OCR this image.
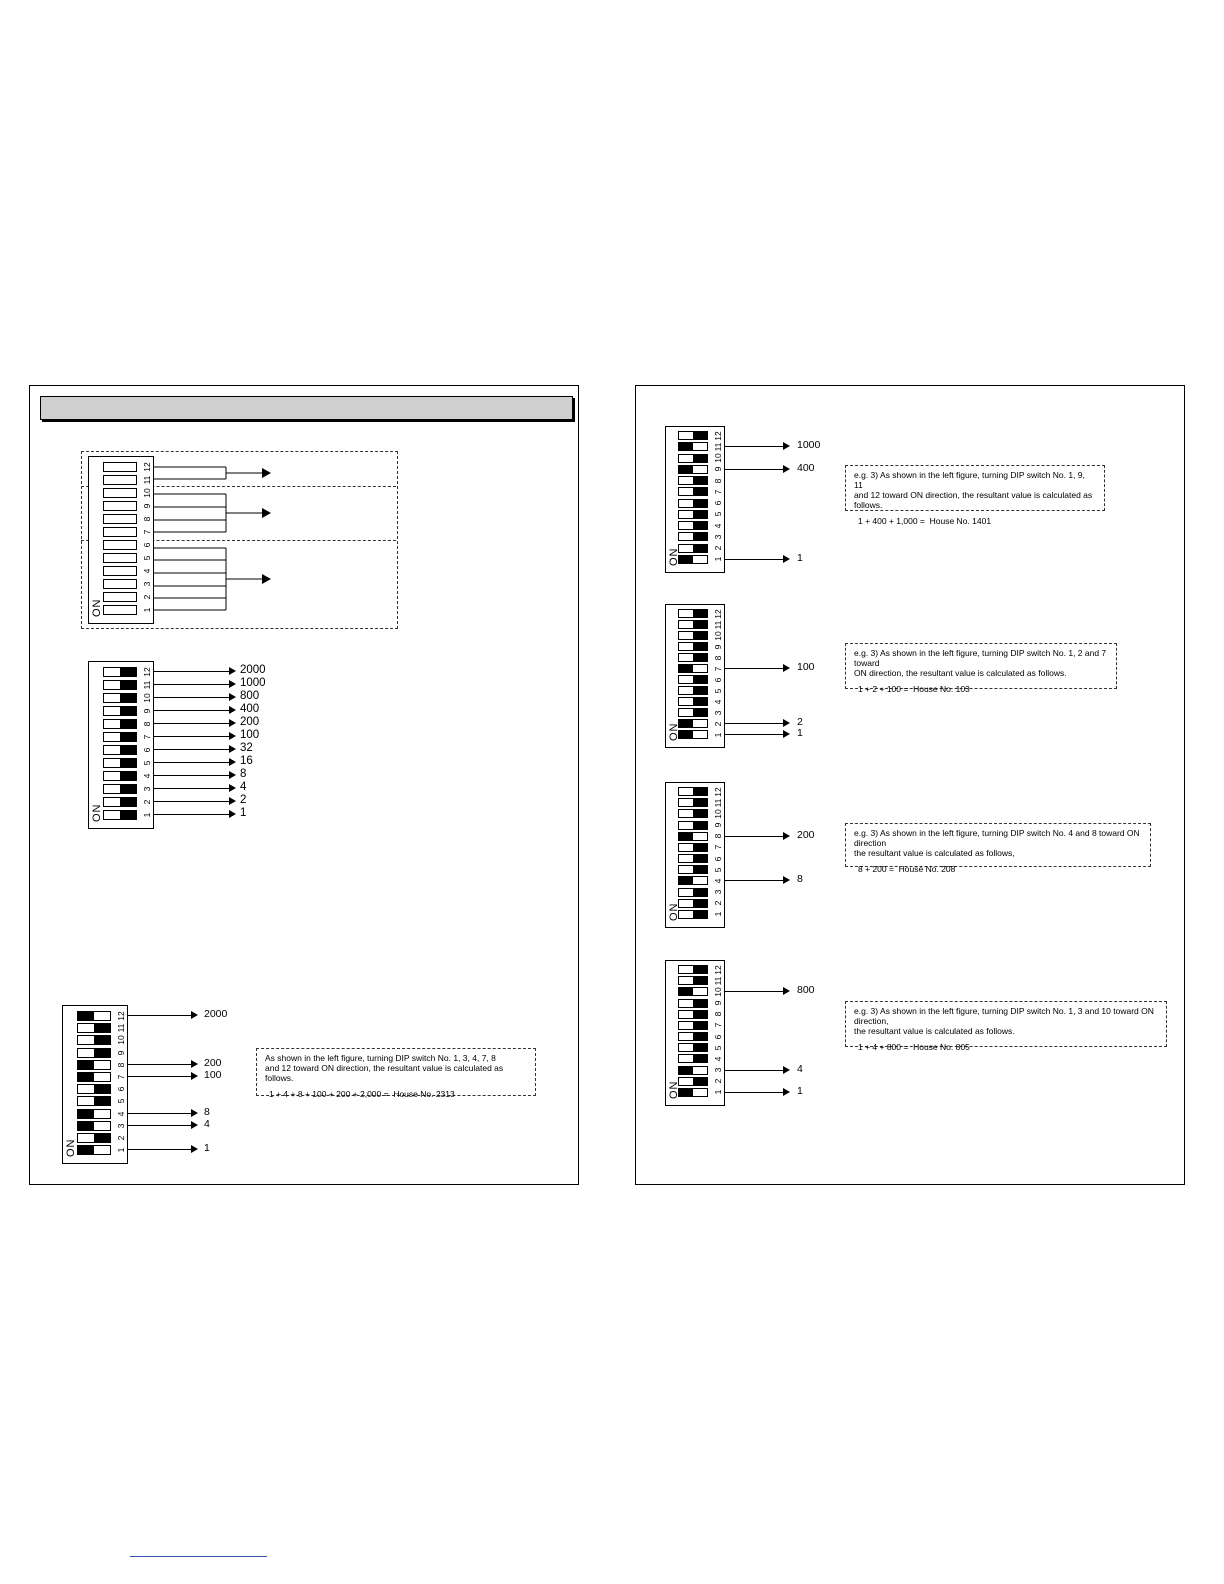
12
11
10
9
8
7
6
5
4
3
2
1
ON
12
11
10
9
8
7
6
5
4
3
2
1
ON
12
11
10
9
8
7
6
5
4
3
2
1
ON
As shown in the left figure, turning DIP switch No. 1, 3, 4, 7, 8
and 12 toward ON direction, the resultant value is calculated as follows.
1 + 4 + 8 + 100 + 200 + 2,000 = House No. 2313
2000
1000
800
400
200
100
32
16
8
4
2
1
1
4
8
100
200
2000
12
11
10
9
8
7
6
5
4
3
2
1
ON
12
11
10
9
8
7
6
5
4
3
2
1
ON
12
11
10
9
8
7
6
5
4
3
2
1
ON
12
11
10
9
8
7
6
5
4
3
2
1
ON
e.g. 3) As shown in the left figure, turning DIP switch No. 1, 9, 11
and 12 toward ON direction, the resultant value is calculated as follows.
1 + 400 + 1,000 = House No. 1401
e.g. 3) As shown in the left figure, turning DIP switch No. 1, 2 and 7 toward
ON direction, the resultant value is calculated as follows.
1 + 2 + 100 = House No. 103
e.g. 3) As shown in the left figure, turning DIP switch No. 4 and 8 toward ON direction
the resultant value is calculated as follows,
8 + 200 = House No. 208
e.g. 3) As shown in the left figure, turning DIP switch No. 1, 3 and 10 toward ON direction,
the resultant value is calculated as follows.
1 + 4 + 800 = House No. 805
1
400
1000
1
2
100
8
200
1
4
800
